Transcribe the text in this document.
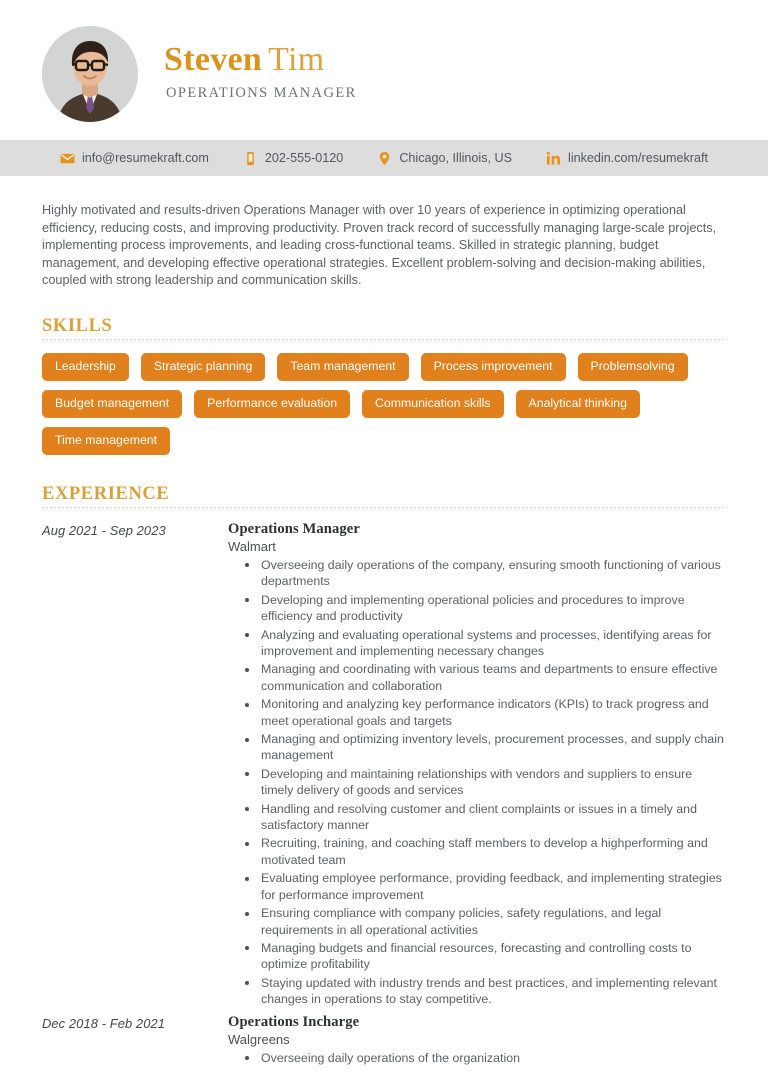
Steven Tim
OPERATIONS MANAGER
info@resumekraft.com	202-555-0120	Chicago, Illinois, US	linkedin.com/resumekraft

Highly motivated and results-driven Operations Manager with over 10 years of experience in optimizing operational efficiency, reducing costs, and improving productivity. Proven track record of successfully managing large-scale projects, implementing process improvements, and leading cross-functional teams. Skilled in strategic planning, budget management, and developing effective operational strategies. Excellent problem-solving and decision-making abilities, coupled with strong leadership and communication skills.

SKILLS
Leadership	Strategic planning	Team management	Process improvement	Problemsolving
Budget management	Performance evaluation	Communication skills	Analytical thinking
Time management
EXPERIENCE
Aug 2021 - Sep 2023	Operations Manager
Walmart
Overseeing daily operations of the company, ensuring smooth functioning of various departments
Developing and implementing operational policies and procedures to improve efficiency and productivity
Analyzing and evaluating operational systems and processes, identifying areas for improvement and implementing necessary changes
Managing and coordinating with various teams and departments to ensure effective communication and collaboration
Monitoring and analyzing key performance indicators (KPIs) to track progress and meet operational goals and targets
Managing and optimizing inventory levels, procurement processes, and supply chain management
Developing and maintaining relationships with vendors and suppliers to ensure timely delivery of goods and services
Handling and resolving customer and client complaints or issues in a timely and satisfactory manner
Recruiting, training, and coaching staff members to develop a highperforming and motivated team
Evaluating employee performance, providing feedback, and implementing strategies for performance improvement
Ensuring compliance with company policies, safety regulations, and legal requirements in all operational activities
Managing budgets and financial resources, forecasting and controlling costs to optimize profitability
Staying updated with industry trends and best practices, and implementing relevant changes in operations to stay competitive.
Dec 2018 - Feb 2021	Operations Incharge
Walgreens
Overseeing daily operations of the organization
